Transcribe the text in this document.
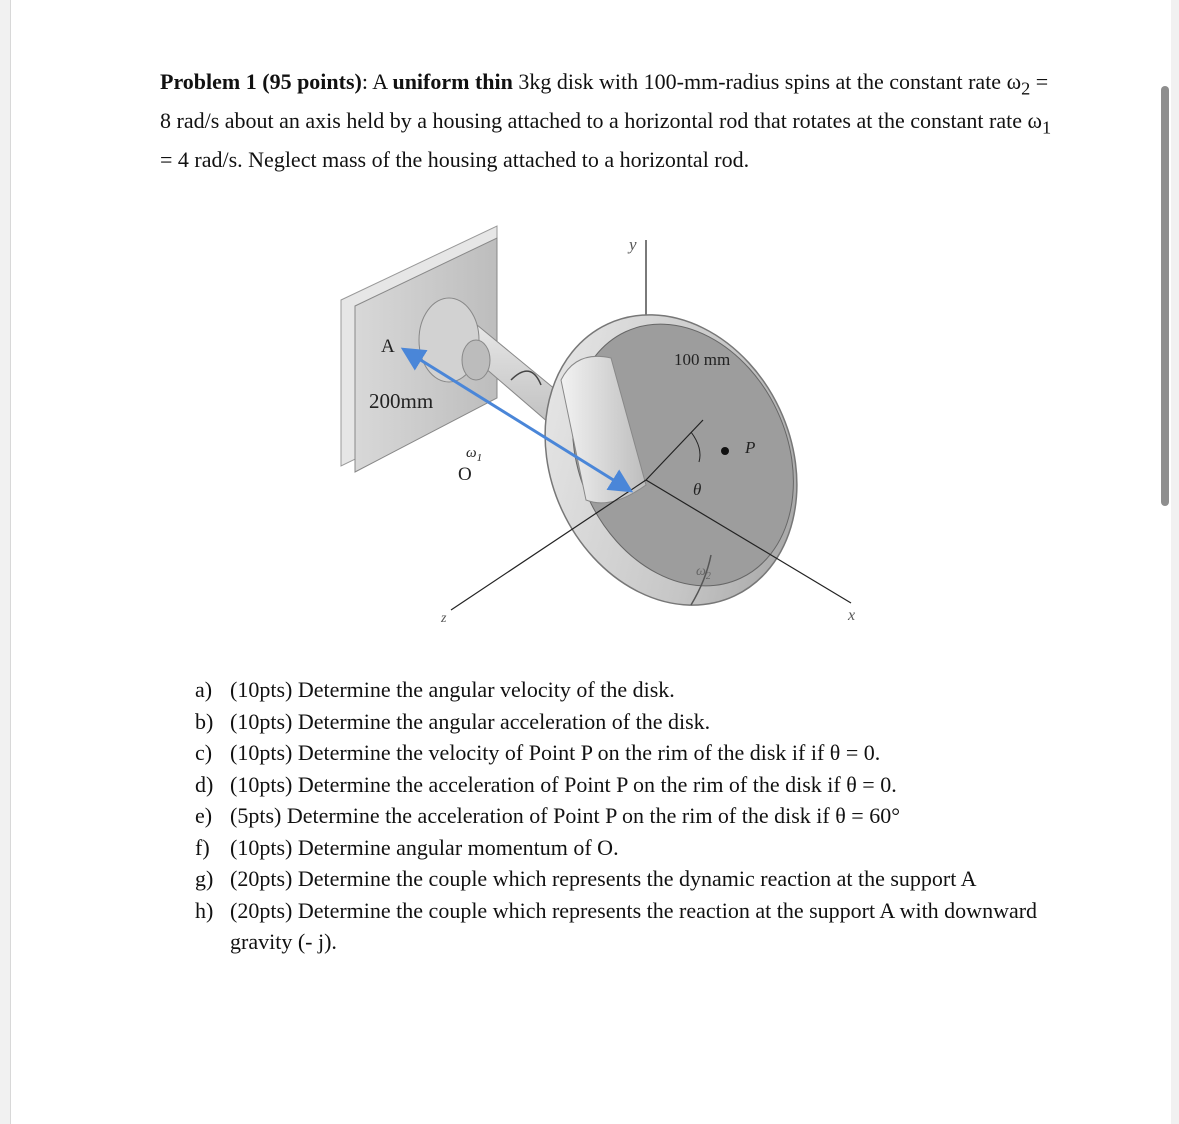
Problem 1 (95 points): A uniform thin 3kg disk with 100-mm-radius spins at the constant rate $\omega_2 = 8$ rad/s about an axis held by a housing attached to a horizontal rod that rotates at the constant rate $\omega_1 = 4$ rad/s. Neglect mass of the housing attached to a horizontal rod.
A
200mm
$\omega_1$
O
y
100 mm
P
θ
$\omega_2$
z	x
a) (10pts) Determine the angular velocity of the disk.
b) (10pts) Determine the angular acceleration of the disk.
c) (10pts) Determine the velocity of Point P on the rim of the disk if if θ = 0.
d) (10pts) Determine the acceleration of Point P on the rim of the disk if θ = 0.
e) (5pts) Determine the acceleration of Point P on the rim of the disk if θ = 60°
f) (10pts) Determine angular momentum of O.
g) (20pts) Determine the couple which represents the dynamic reaction at the support A
h) (20pts) Determine the couple which represents the reaction at the support A with downward gravity (- j).
